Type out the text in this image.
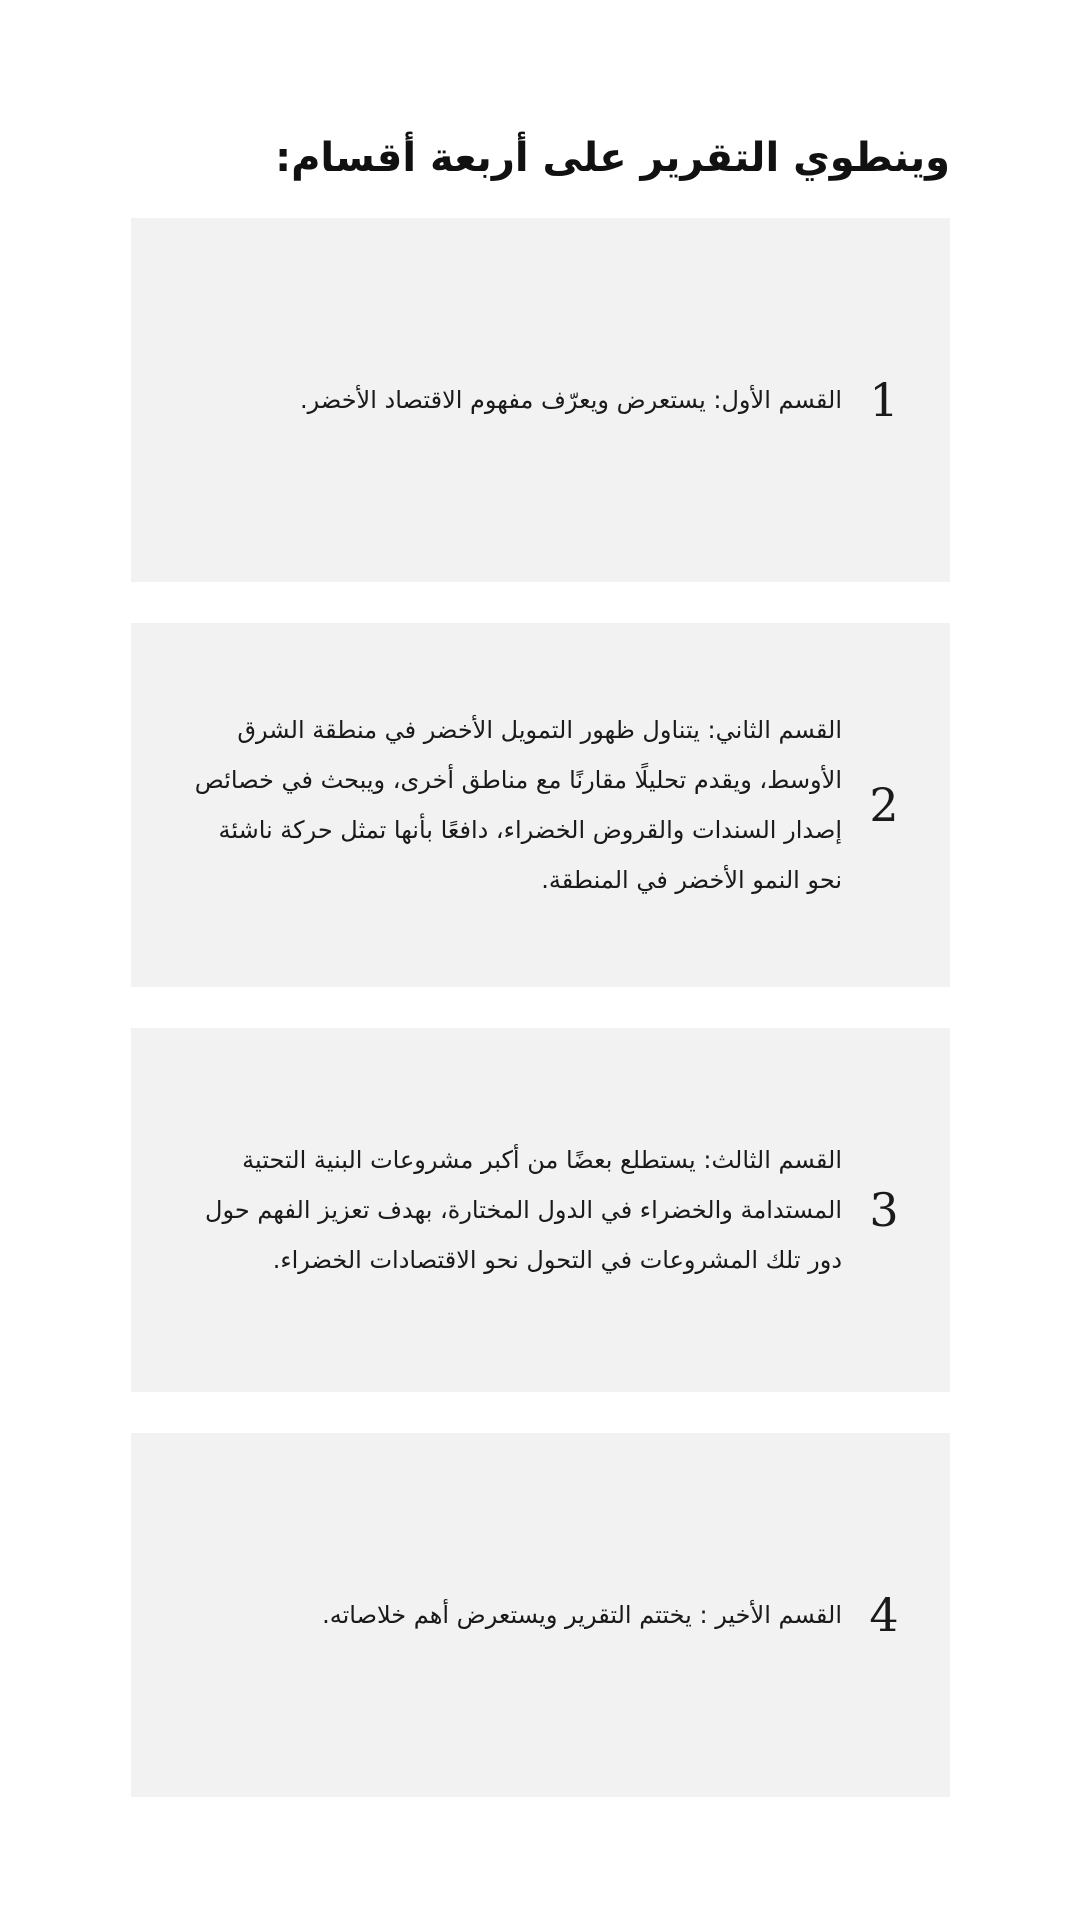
وينطوي التقرير على أربعة أقسام:
1

القسم الأول: يستعرض ويعرّف مفهوم الاقتصاد الأخضر.

2

القسم الثاني: يتناول ظهور التمويل الأخضر في منطقة الشرق الأوسط، ويقدم تحليلًا مقارنًا مع مناطق أخرى، ويبحث في خصائص إصدار السندات والقروض الخضراء، دافعًا بأنها تمثل حركة ناشئة نحو النمو الأخضر في المنطقة.

3

القسم الثالث: يستطلع بعضًا من أكبر مشروعات البنية التحتية المستدامة والخضراء في الدول المختارة، بهدف تعزيز الفهم حول دور تلك المشروعات في التحول نحو الاقتصادات الخضراء.

4

القسم الأخير : يختتم التقرير ويستعرض أهم خلاصاته.
